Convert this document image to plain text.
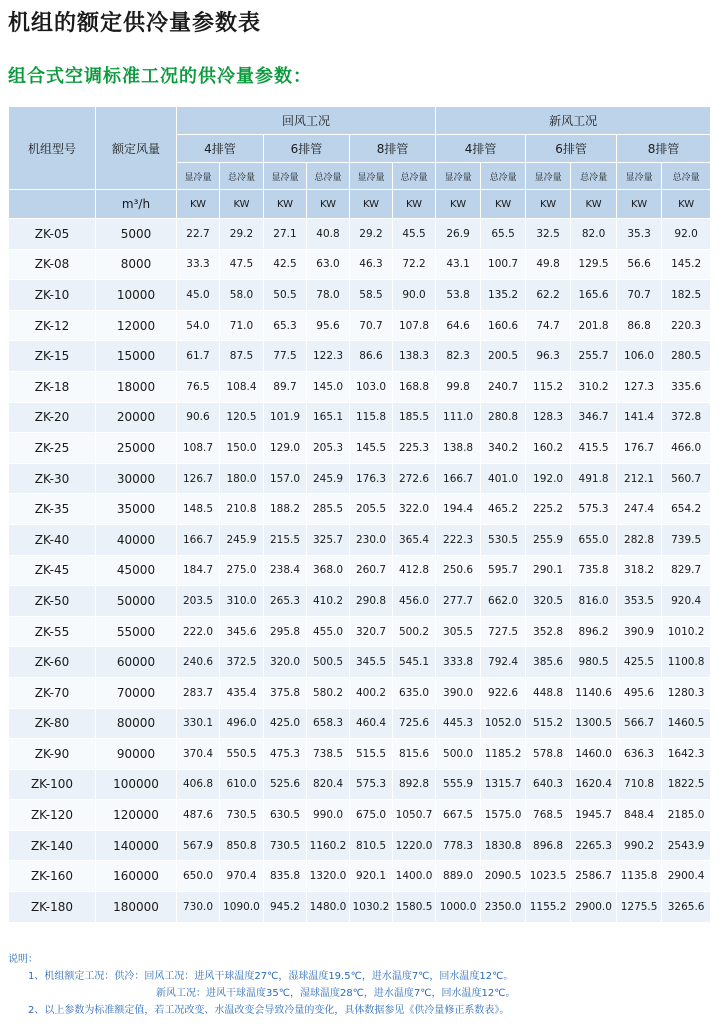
机组的额定供冷量参数表
组合式空调标准工况的供冷量参数：
机组型号	额定风量	回风工况						新风工况					
		4排管		6排管		8排管		4排管		6排管		8排管	
		显冷量	总冷量	显冷量	总冷量	显冷量	总冷量	显冷量	总冷量	显冷量	总冷量	显冷量	总冷量
	m³/h	KW	KW	KW	KW	KW	KW	KW	KW	KW	KW	KW	KW
ZK-05	5000	22.7	29.2	27.1	40.8	29.2	45.5	26.9	65.5	32.5	82.0	35.3	92.0
ZK-08	8000	33.3	47.5	42.5	63.0	46.3	72.2	43.1	100.7	49.8	129.5	56.6	145.2
ZK-10	10000	45.0	58.0	50.5	78.0	58.5	90.0	53.8	135.2	62.2	165.6	70.7	182.5
ZK-12	12000	54.0	71.0	65.3	95.6	70.7	107.8	64.6	160.6	74.7	201.8	86.8	220.3
ZK-15	15000	61.7	87.5	77.5	122.3	86.6	138.3	82.3	200.5	96.3	255.7	106.0	280.5
ZK-18	18000	76.5	108.4	89.7	145.0	103.0	168.8	99.8	240.7	115.2	310.2	127.3	335.6
ZK-20	20000	90.6	120.5	101.9	165.1	115.8	185.5	111.0	280.8	128.3	346.7	141.4	372.8
ZK-25	25000	108.7	150.0	129.0	205.3	145.5	225.3	138.8	340.2	160.2	415.5	176.7	466.0
ZK-30	30000	126.7	180.0	157.0	245.9	176.3	272.6	166.7	401.0	192.0	491.8	212.1	560.7
ZK-35	35000	148.5	210.8	188.2	285.5	205.5	322.0	194.4	465.2	225.2	575.3	247.4	654.2
ZK-40	40000	166.7	245.9	215.5	325.7	230.0	365.4	222.3	530.5	255.9	655.0	282.8	739.5
ZK-45	45000	184.7	275.0	238.4	368.0	260.7	412.8	250.6	595.7	290.1	735.8	318.2	829.7
ZK-50	50000	203.5	310.0	265.3	410.2	290.8	456.0	277.7	662.0	320.5	816.0	353.5	920.4
ZK-55	55000	222.0	345.6	295.8	455.0	320.7	500.2	305.5	727.5	352.8	896.2	390.9	1010.2
ZK-60	60000	240.6	372.5	320.0	500.5	345.5	545.1	333.8	792.4	385.6	980.5	425.5	1100.8
ZK-70	70000	283.7	435.4	375.8	580.2	400.2	635.0	390.0	922.6	448.8	1140.6	495.6	1280.3
ZK-80	80000	330.1	496.0	425.0	658.3	460.4	725.6	445.3	1052.0	515.2	1300.5	566.7	1460.5
ZK-90	90000	370.4	550.5	475.3	738.5	515.5	815.6	500.0	1185.2	578.8	1460.0	636.3	1642.3
ZK-100	100000	406.8	610.0	525.6	820.4	575.3	892.8	555.9	1315.7	640.3	1620.4	710.8	1822.5
ZK-120	120000	487.6	730.5	630.5	990.0	675.0	1050.7	667.5	1575.0	768.5	1945.7	848.4	2185.0
ZK-140	140000	567.9	850.8	730.5	1160.2	810.5	1220.0	778.3	1830.8	896.8	2265.3	990.2	2543.9
ZK-160	160000	650.0	970.4	835.8	1320.0	920.1	1400.0	889.0	2090.5	1023.5	2586.7	1135.8	2900.4
ZK-180	180000	730.0	1090.0	945.2	1480.0	1030.2	1580.5	1000.0	2350.0	1155.2	2900.0	1275.5	3265.6
说明：
1、机组额定工况：供冷：回风工况：进风干球温度27℃，湿球温度19.5℃，进水温度7℃，回水温度12℃。
新风工况：进风干球温度35℃，湿球温度28℃，进水温度7℃，回水温度12℃。
2、以上参数为标准额定值，若工况改变、水温改变会导致冷量的变化，具体数据参见《供冷量修正系数表》。
